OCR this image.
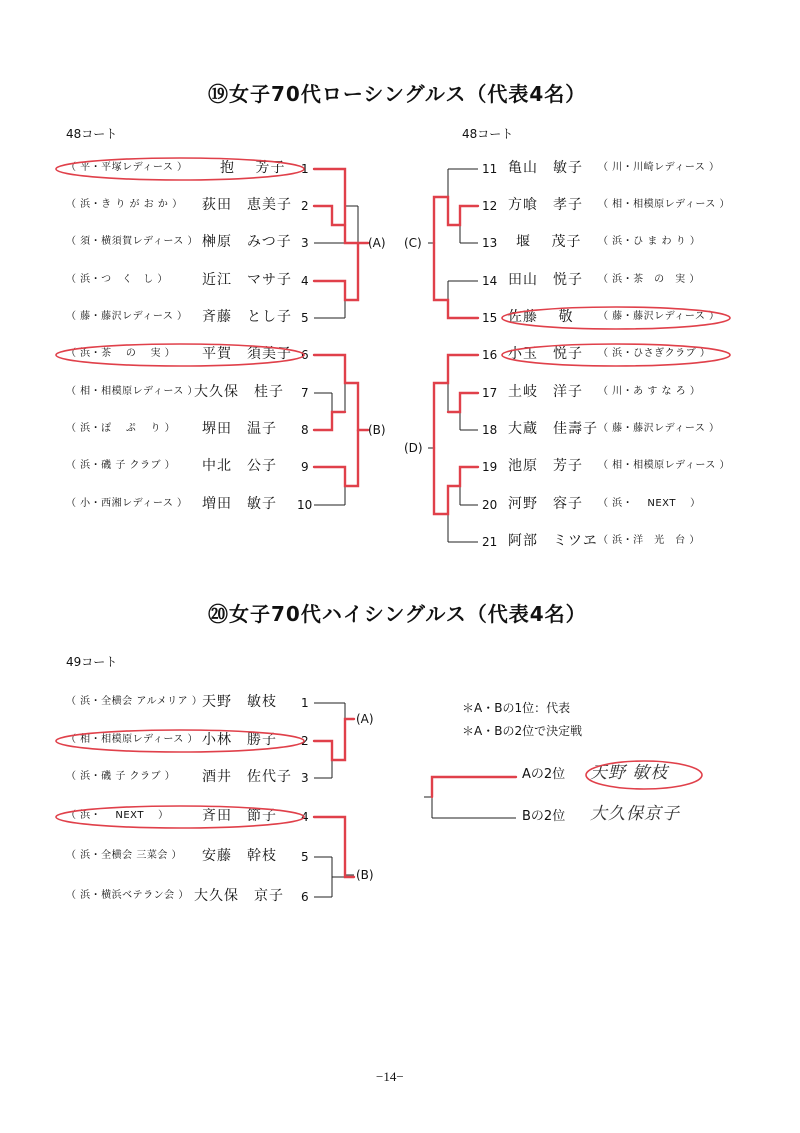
⑲女子70代ローシングルス（代表4名）
48コート	48コート
（ 平・平塚レディース ） 抱　 芳子 1
（ 浜・き り が お か ） 荻田　恵美子 2
（ 須・横須賀レディース ） 榊原　みつ子 3
（ 浜・つ　く　し ） 近江　マサ子 4
（ 藤・藤沢レディース ） 斉藤　とし子 5
（ 浜・茶　 の　 実 ） 平賀　須美子 6
（ 相・相模原レディース ）
大久保　桂子 7
（ 浜・ぽ　 ぷ　 り ） 堺田　温子 8
（ 浜・磯 子 クラブ ） 中北　公子 9
（ 小・西湘レディース ） 増田　敏子 10
11 亀山　敏子 （ 川・川崎レディース ）
12 方喰　孝子 （ 相・相模原レディース ）
13 堰　 茂子 （ 浜・ひ ま わ り ）
14 田山　悦子 （ 浜・茶　の　実 ）
15 佐藤　 敬 （ 藤・藤沢レディース ）
16 小玉　悦子 （ 浜・ひさぎクラブ ）
17 土岐　洋子 （ 川・あ す な ろ ）
18 大蔵　佳壽子 （ 藤・藤沢レディース ）
19 池原　芳子 （ 相・相模原レディース ）
20 河野　容子 （ 浜・　 NEXT　 ）
21 阿部　ミツヱ （ 浜・洋　光　台 ）
(A) (C)
(B)
(D)
⑳女子70代ハイシングルス（代表4名）
49コート
（ 浜・全横会 アルメリア ） 天野　敏枝 1
（ 相・相模原レディース ） 小林　勝子 2
（ 浜・磯 子 クラブ ） 酒井　佐代子 3
（ 浜・　 NEXT　 ） 斉田　節子 4
（ 浜・全横会 三菜会 ） 安藤　幹枝 5
（ 浜・横浜ベテラン会 ） 大久保　京子 6
(A)
(B)
＊A・Bの1位：代表
＊A・Bの2位で決定戦
Aの2位
Bの2位
天野 敏枝
大久保京子
−14−
